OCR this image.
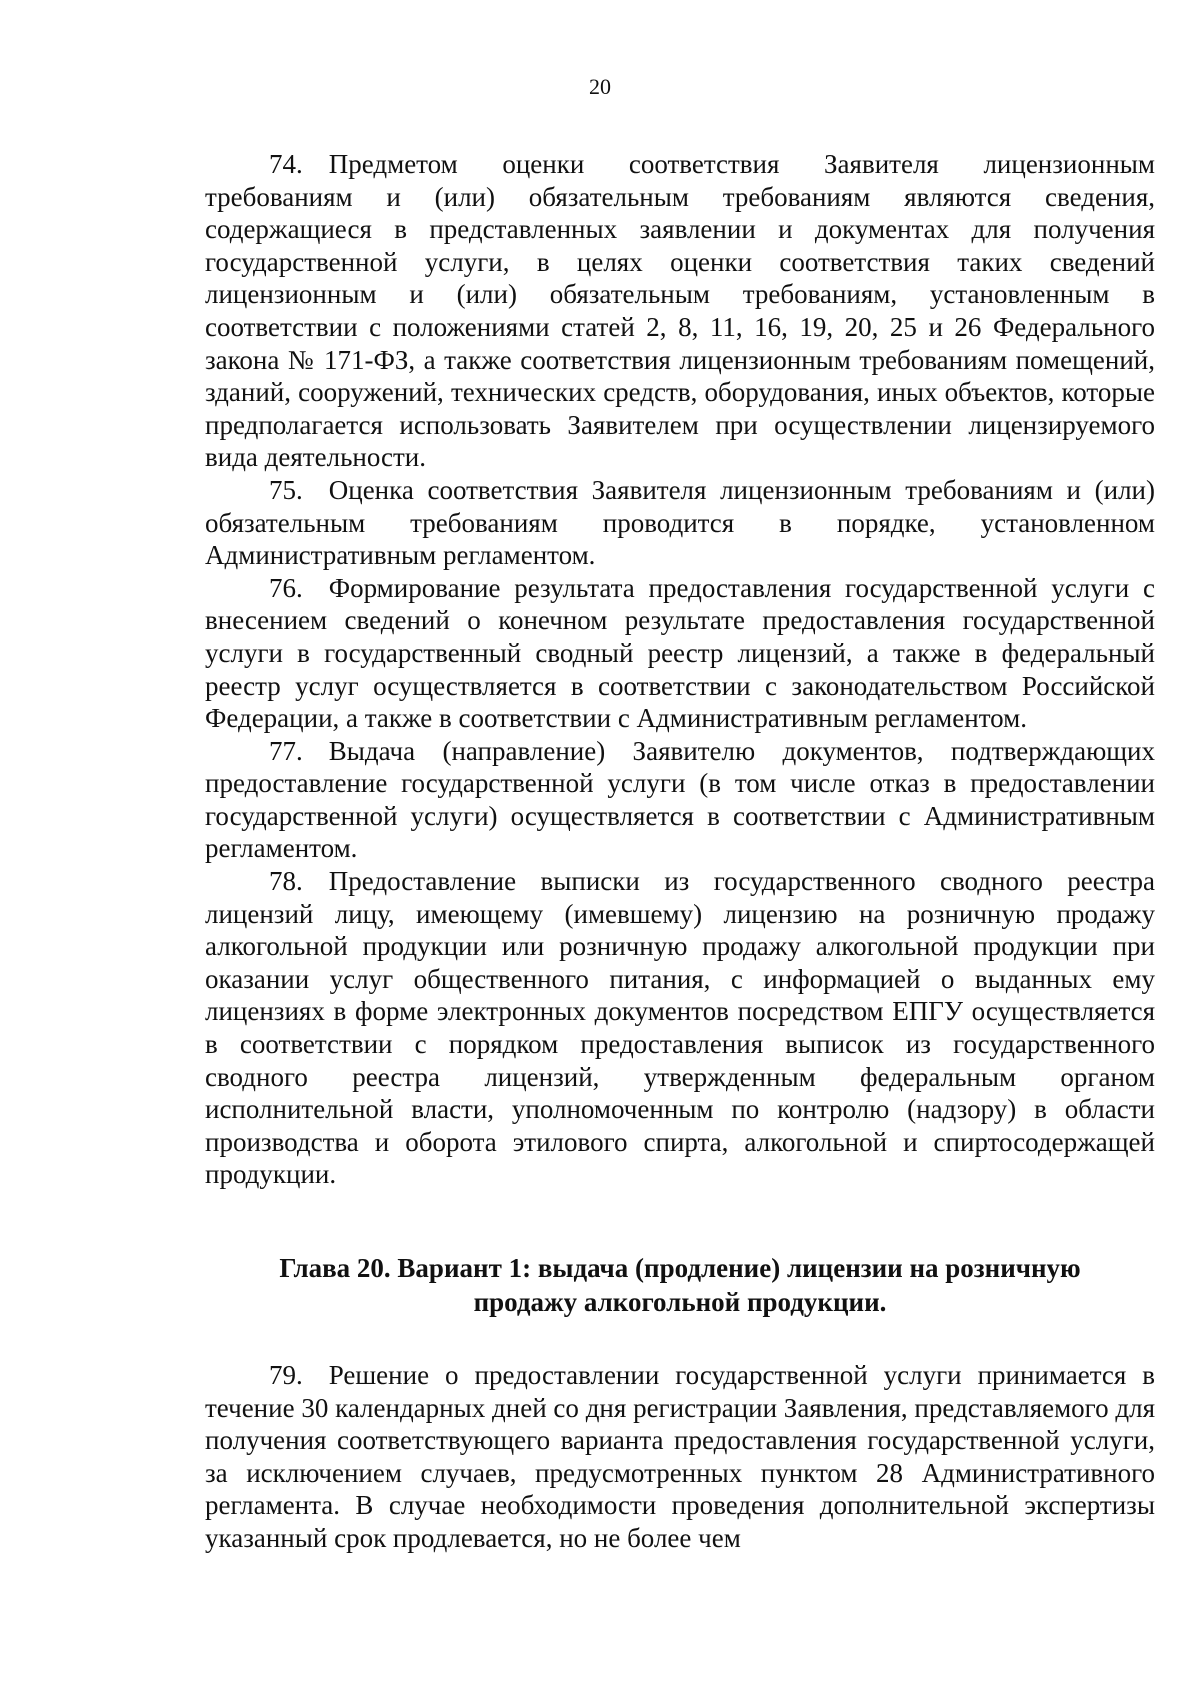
20

74. Предметом оценки соответствия Заявителя лицензионным требованиям и (или) обязательным требованиям являются сведения, содержащиеся в представленных заявлении и документах для получения государственной услуги, в целях оценки соответствия таких сведений лицензионным и (или) обязательным требованиям, установленным в соответствии с положениями статей 2, 8, 11, 16, 19, 20, 25 и 26 Федерального закона № 171-ФЗ, а также соответствия лицензионным требованиям помещений, зданий, сооружений, технических средств, оборудования, иных объектов, которые предполагается использовать Заявителем при осуществлении лицензируемого вида деятельности.

75. Оценка соответствия Заявителя лицензионным требованиям и (или) обязательным требованиям проводится в порядке, установленном Административным регламентом.

76. Формирование результата предоставления государственной услуги с внесением сведений о конечном результате предоставления государственной услуги в государственный сводный реестр лицензий, а также в федеральный реестр услуг осуществляется в соответствии с законодательством Российской Федерации, а также в соответствии с Административным регламентом.

77. Выдача (направление) Заявителю документов, подтверждающих предоставление государственной услуги (в том числе отказ в предоставлении государственной услуги) осуществляется в соответствии с Административным регламентом.

78. Предоставление выписки из государственного сводного реестра лицензий лицу, имеющему (имевшему) лицензию на розничную продажу алкогольной продукции или розничную продажу алкогольной продукции при оказании услуг общественного питания, с информацией о выданных ему лицензиях в форме электронных документов посредством ЕПГУ осуществляется в соответствии с порядком предоставления выписок из государственного сводного реестра лицензий, утвержденным федеральным органом исполнительной власти, уполномоченным по контролю (надзору) в области производства и оборота этилового спирта, алкогольной и спиртосодержащей продукции.

Глава 20. Вариант 1: выдача (продление) лицензии на розничную
продажу алкогольной продукции.

79. Решение о предоставлении государственной услуги принимается в течение 30 календарных дней со дня регистрации Заявления, представляемого для получения соответствующего варианта предоставления государственной услуги, за исключением случаев, предусмотренных пунктом 28 Административного регламента. В случае необходимости проведения дополнительной экспертизы указанный срок продлевается, но не более чем
